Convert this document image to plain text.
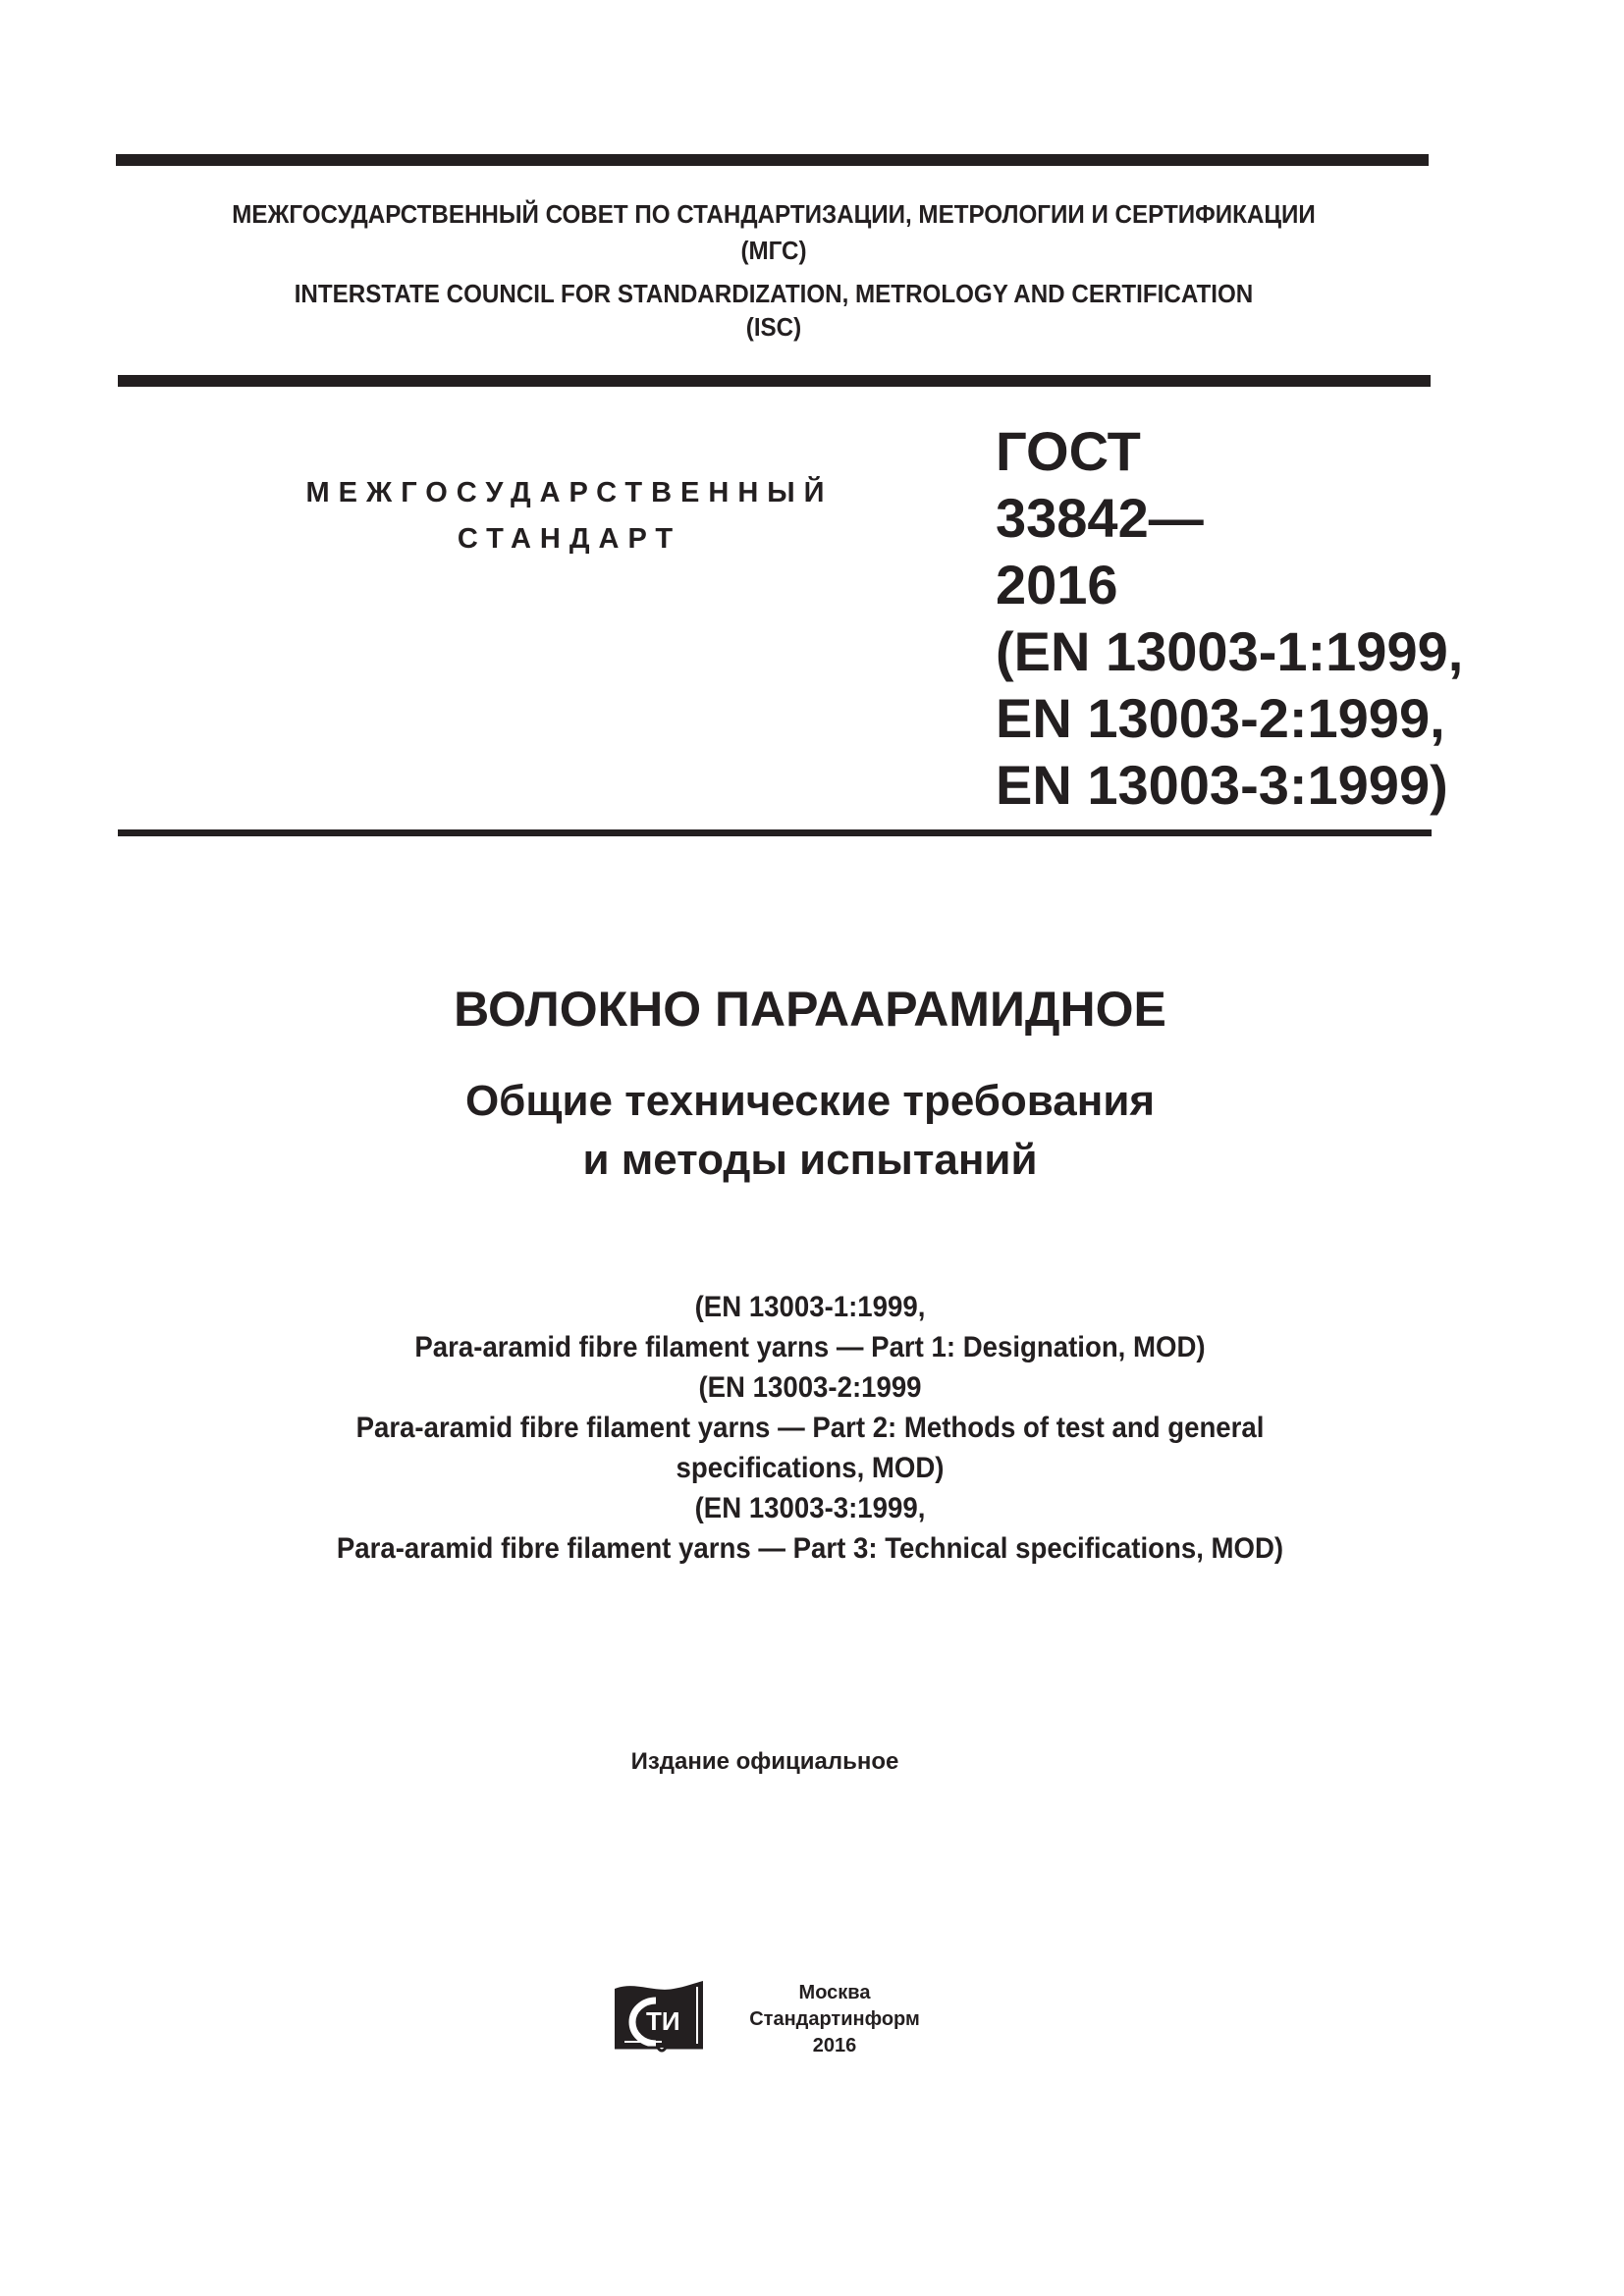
МЕЖГОСУДАРСТВЕННЫЙ СОВЕТ ПО СТАНДАРТИЗАЦИИ, МЕТРОЛОГИИ И СЕРТИФИКАЦИИ
(МГС)
INTERSTATE COUNCIL FOR STANDARDIZATION, METROLOGY AND CERTIFICATION
(ISC)
МЕЖГОСУДАРСТВЕННЫЙ
СТАНДАРТ
ГОСТ
33842—
2016
(EN 13003-1:1999,
EN 13003-2:1999,
EN 13003-3:1999)
ВОЛОКНО ПАРААРАМИДНОЕ
Общие технические требования
и методы испытаний
(EN 13003-1:1999,
Para-aramid fibre filament yarns — Part 1: Designation, MOD)
(EN 13003-2:1999
Para-aramid fibre filament yarns — Part 2: Methods of test and general
specifications, MOD)
(EN 13003-3:1999,
Para-aramid fibre filament yarns — Part 3: Technical specifications, MOD)
Издание официальное
ТИ
Москва
Стандартинформ
2016
